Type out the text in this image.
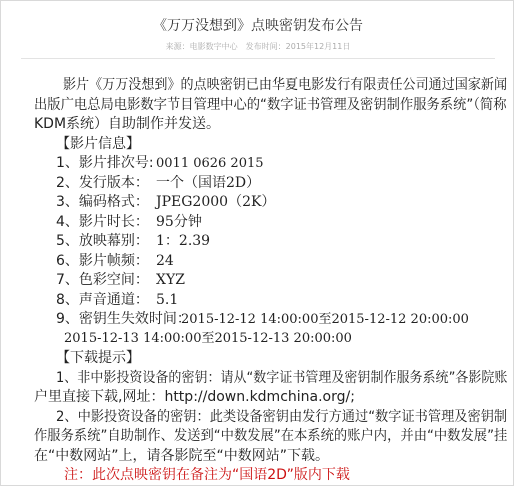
《万万没想到》点映密钥发布公告
来源：电影数字中心 发布时间：2015年12月11日
影片《万万没想到》的点映密钥已由华夏电影发行有限责任公司通过国家新闻
出版广电总局电影数字节目管理中心的“数字证书管理及密钥制作服务系统”（简称
KDM系统）自助制作并发送。
【影片信息】
1、影片排次号: 0011 0626 2015
2、发行版本： 一个（国语2D）
3、编码格式： JPEG2000（2K）
4、影片时长： 95分钟
5、放映幕别： 1：2.39
6、影片帧频： 24
7、色彩空间： XYZ
8、声音通道： 5.1
9、密钥生失效时间：2015-12-12 14:00:00至2015-12-12 20:00:00
2015-12-13 14:00:00至2015-12-13 20:00:00
【下载提示】
1、非中影投资设备的密钥：请从“数字证书管理及密钥制作服务系统”各影院账
户里直接下载,网址：http://down.kdmchina.org/;
2、中影投资设备的密钥：此类设备密钥由发行方通过“数字证书管理及密钥制
作服务系统”自助制作、发送到“中数发展”在本系统的账户内，并由“中数发展”挂
在“中数网站”上，请各影院至“中数网站”下载。
注：此次点映密钥在备注为“国语2D”版内下载
